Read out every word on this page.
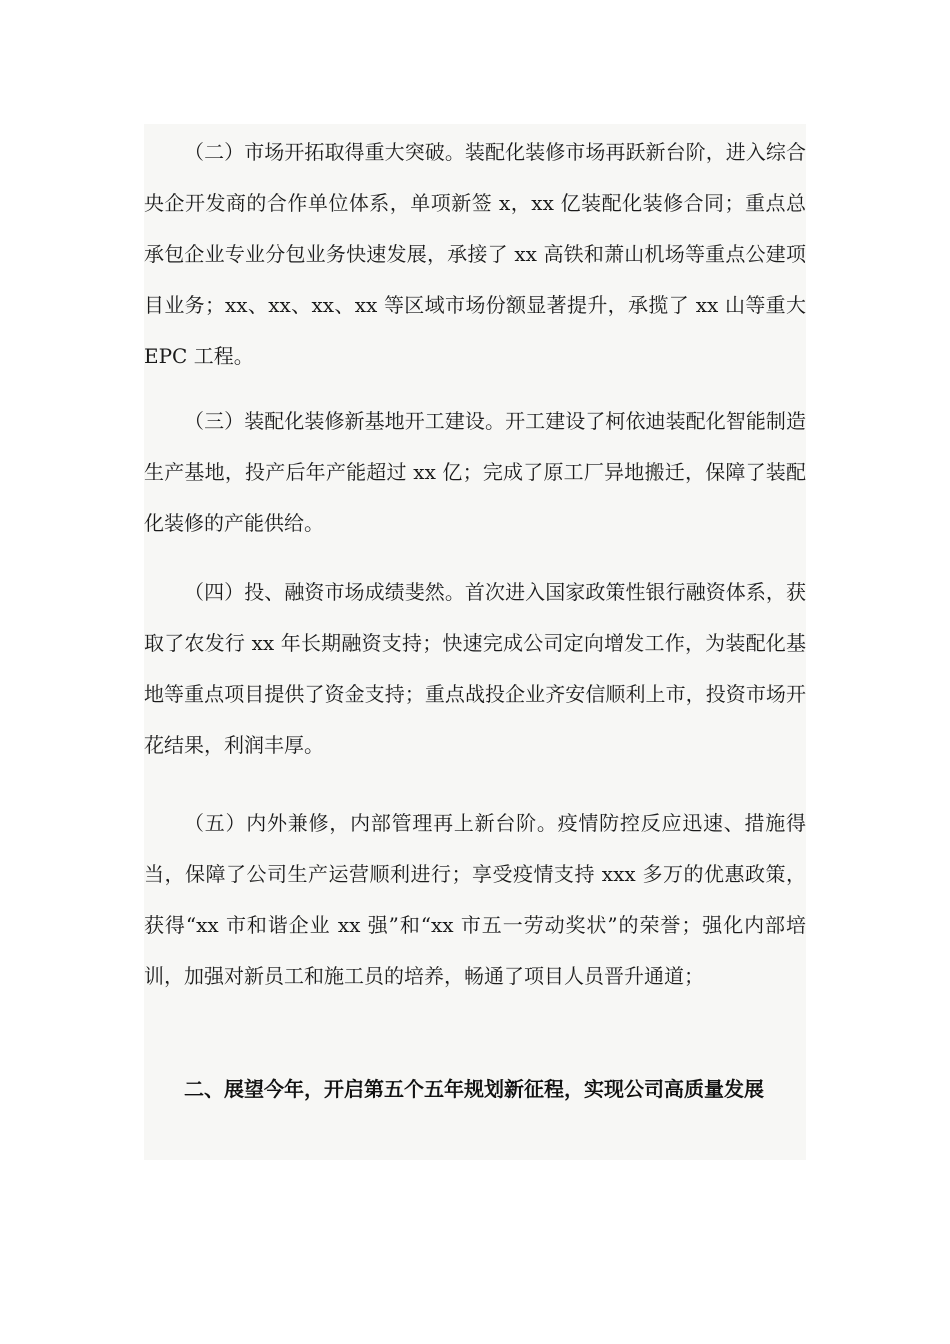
（二）市场开拓取得重大突破。装配化装修市场再跃新台阶，进入综合央企开发商的合作单位体系，单项新签 x，xx 亿装配化装修合同；重点总承包企业专业分包业务快速发展，承接了 xx 高铁和萧山机场等重点公建项目业务；xx、xx、xx、xx 等区域市场份额显著提升，承揽了 xx 山等重大 EPC 工程。

（三）装配化装修新基地开工建设。开工建设了柯依迪装配化智能制造生产基地，投产后年产能超过 xx 亿；完成了原工厂异地搬迁，保障了装配化装修的产能供给。

（四）投、融资市场成绩斐然。首次进入国家政策性银行融资体系，获取了农发行 xx 年长期融资支持；快速完成公司定向增发工作，为装配化基地等重点项目提供了资金支持；重点战投企业齐安信顺利上市，投资市场开花结果，利润丰厚。

（五）内外兼修，内部管理再上新台阶。疫情防控反应迅速、措施得当，保障了公司生产运营顺利进行；享受疫情支持 xxx 多万的优惠政策，获得“xx 市和谐企业 xx 强”和“xx 市五一劳动奖状”的荣誉；强化内部培训，加强对新员工和施工员的培养，畅通了项目人员晋升通道；

二、展望今年，开启第五个五年规划新征程，实现公司高质量发展
